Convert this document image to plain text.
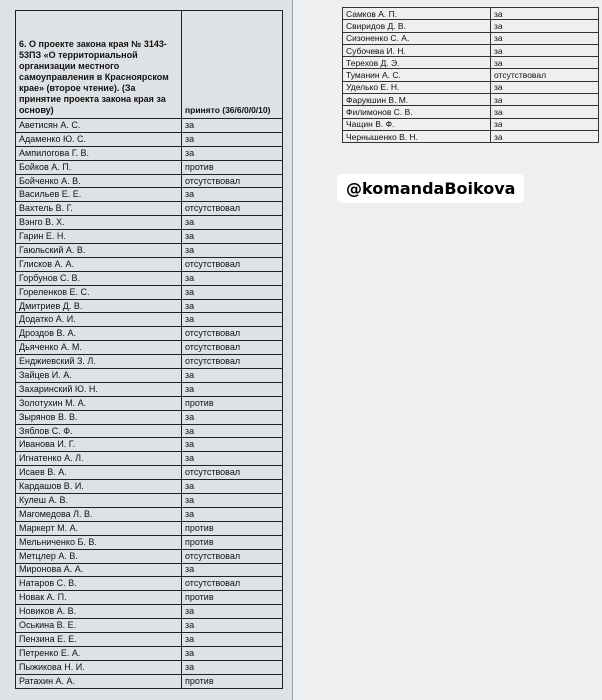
6. О проекте закона края № 3143-53ПЗ «О территориальной организации местного самоуправления в Красноярском крае» (второе чтение). (За принятие проекта закона края за основу)	принято (36/6/0/0/10)
Аветисян А. С.	за
Адаменко Ю. С.	за
Ампилогова Г. В.	за
Бойков А. П.	против
Бойченко А. В.	отсутствовал
Васильев Е. Е.	за
Вахтель В. Г.	отсутствовал
Вэнго В. Х.	за
Гарин Е. Н.	за
Гаюльский А. В.	за
Глисков А. А.	отсутствовал
Горбунов С. В.	за
Гореленков Е. С.	за
Дмитриев Д. В.	за
Додатко А. И.	за
Дроздов В. А.	отсутствовал
Дьяченко А. М.	отсутствовал
Енджиевский З. Л.	отсутствовал
Зайцев И. А.	за
Захаринский Ю. Н.	за
Золотухин М. А.	против
Зырянов В. В.	за
Зяблов С. Ф.	за
Иванова И. Г.	за
Игнатенко А. Л.	за
Исаев В. А.	отсутствовал
Кардашов В. И.	за
Кулеш А. В.	за
Магомедова Л. В.	за
Маркерт М. А.	против
Мельниченко Б. В.	против
Метцлер А. В.	отсутствовал
Миронова А. А.	за
Натаров С. В.	отсутствовал
Новак А. П.	против
Новиков А. В.	за
Оськина В. Е.	за
Пензина Е. Е.	за
Петренко Е. А.	за
Пыжикова Н. И.	за
Ратахин А. А.	против
Самков А. П.	за
Свиридов Д. В.	за
Сизоненко С. А.	за
Субочева И. Н.	за
Терехов Д. Э.	за
Туманин А. С.	отсутствовал
Уделько Е. Н.	за
Фарукшин В. М.	за
Филимонов С. В.	за
Чащин В. Ф.	за
Чернышенко В. Н.	за
@komandaBoikova
